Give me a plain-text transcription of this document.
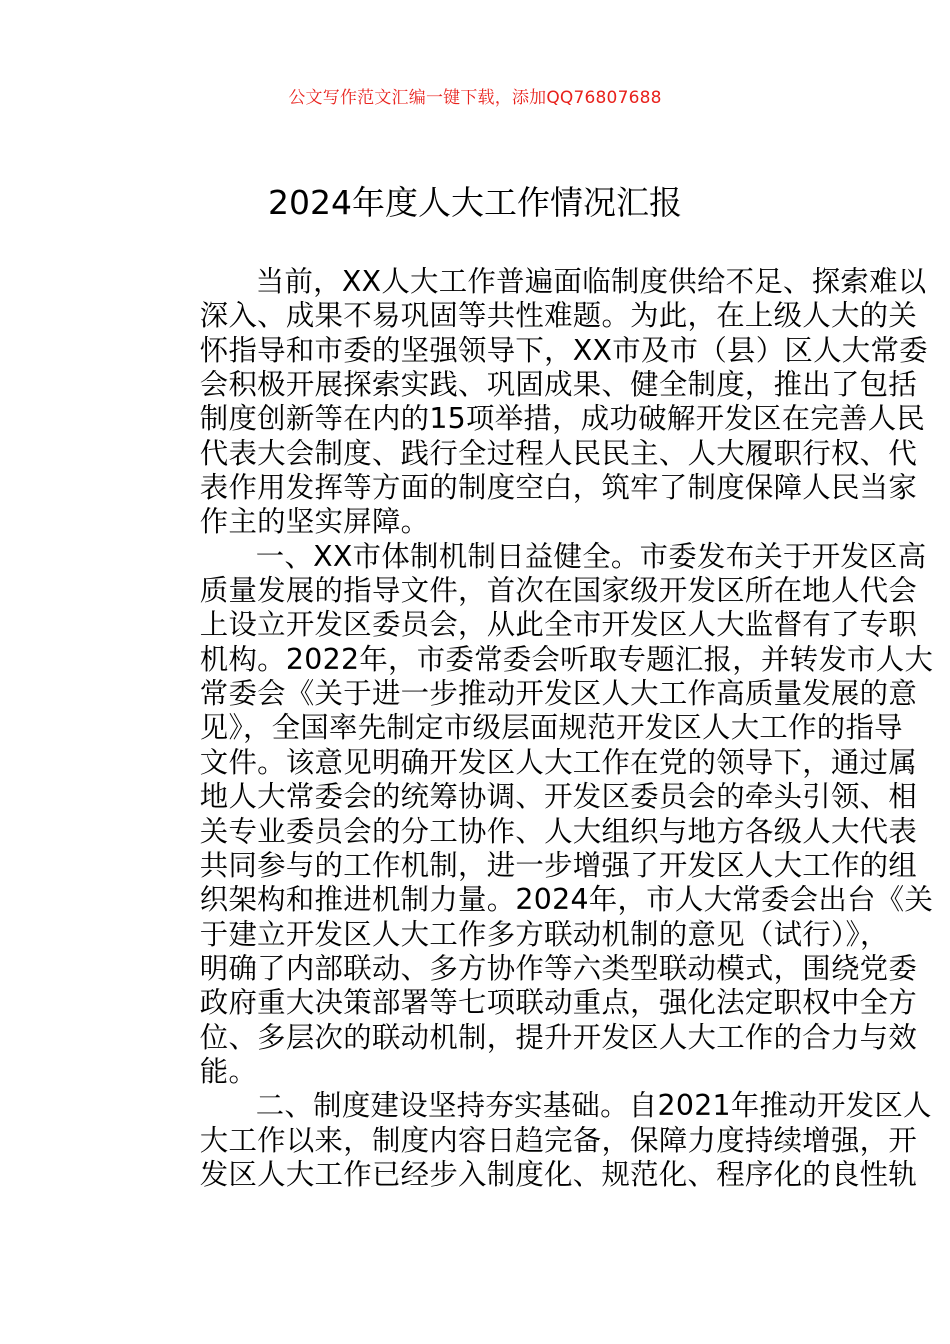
公文写作范文汇编一键下载，添加QQ76807688
2024年度人大工作情况汇报
当前，XX人大工作普遍面临制度供给不足、探索难以
深入、成果不易巩固等共性难题。为此，在上级人大的关
怀指导和市委的坚强领导下，XX市及市（县）区人大常委
会积极开展探索实践、巩固成果、健全制度，推出了包括
制度创新等在内的15项举措，成功破解开发区在完善人民
代表大会制度、践行全过程人民民主、人大履职行权、代
表作用发挥等方面的制度空白，筑牢了制度保障人民当家
作主的坚实屏障。
一、XX市体制机制日益健全。市委发布关于开发区高
质量发展的指导文件，首次在国家级开发区所在地人代会
上设立开发区委员会，从此全市开发区人大监督有了专职
机构。2022年，市委常委会听取专题汇报，并转发市人大
常委会《关于进一步推动开发区人大工作高质量发展的意
见》，全国率先制定市级层面规范开发区人大工作的指导
文件。该意见明确开发区人大工作在党的领导下，通过属
地人大常委会的统筹协调、开发区委员会的牵头引领、相
关专业委员会的分工协作、人大组织与地方各级人大代表
共同参与的工作机制，进一步增强了开发区人大工作的组
织架构和推进机制力量。2024年，市人大常委会出台《关
于建立开发区人大工作多方联动机制的意见（试行）》，
明确了内部联动、多方协作等六类型联动模式，围绕党委
政府重大决策部署等七项联动重点，强化法定职权中全方
位、多层次的联动机制，提升开发区人大工作的合力与效
能。
二、制度建设坚持夯实基础。自2021年推动开发区人
大工作以来，制度内容日趋完备，保障力度持续增强，开
发区人大工作已经步入制度化、规范化、程序化的良性轨
